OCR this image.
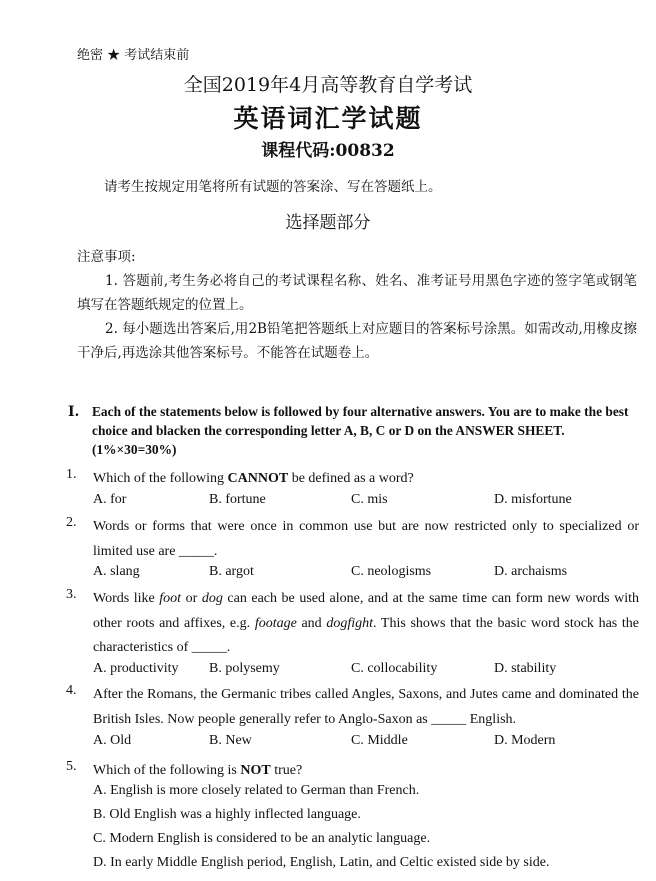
绝密 ★ 考试结束前
全国2019年4月高等教育自学考试
英语词汇学试题
课程代码:00832
请考生按规定用笔将所有试题的答案涂、写在答题纸上。
选择题部分
注意事项:
1. 答题前,考生务必将自己的考试课程名称、姓名、准考证号用黑色字迹的签字笔或钢笔填写在答题纸规定的位置上。
2. 每小题选出答案后,用2B铅笔把答题纸上对应题目的答案标号涂黑。如需改动,用橡皮擦干净后,再选涂其他答案标号。不能答在试题卷上。
I. Each of the statements below is followed by four alternative answers. You are to make the best choice and blacken the corresponding letter A, B, C or D on the ANSWER SHEET.
(1%×30=30%)
1. Which of the following CANNOT be defined as a word?
A. for	B. fortune	C. mis	D. misfortune
2. Words or forms that were once in common use but are now restricted only to specialized or limited use are _____.
A. slang	B. argot	C. neologisms	D. archaisms
3. Words like foot or dog can each be used alone, and at the same time can form new words with other roots and affixes, e.g. footage and dogfight. This shows that the basic word stock has the characteristics of _____.
A. productivity B. polysemy	C. collocability	D. stability
4. After the Romans, the Germanic tribes called Angles, Saxons, and Jutes came and dominated the British Isles. Now people generally refer to Anglo-Saxon as _____ English.
A. Old	B. New	C. Middle	D. Modern
5. Which of the following is NOT true?
A. English is more closely related to German than French.
B. Old English was a highly inflected language.
C. Modern English is considered to be an analytic language.
D. In early Middle English period, English, Latin, and Celtic existed side by side.
